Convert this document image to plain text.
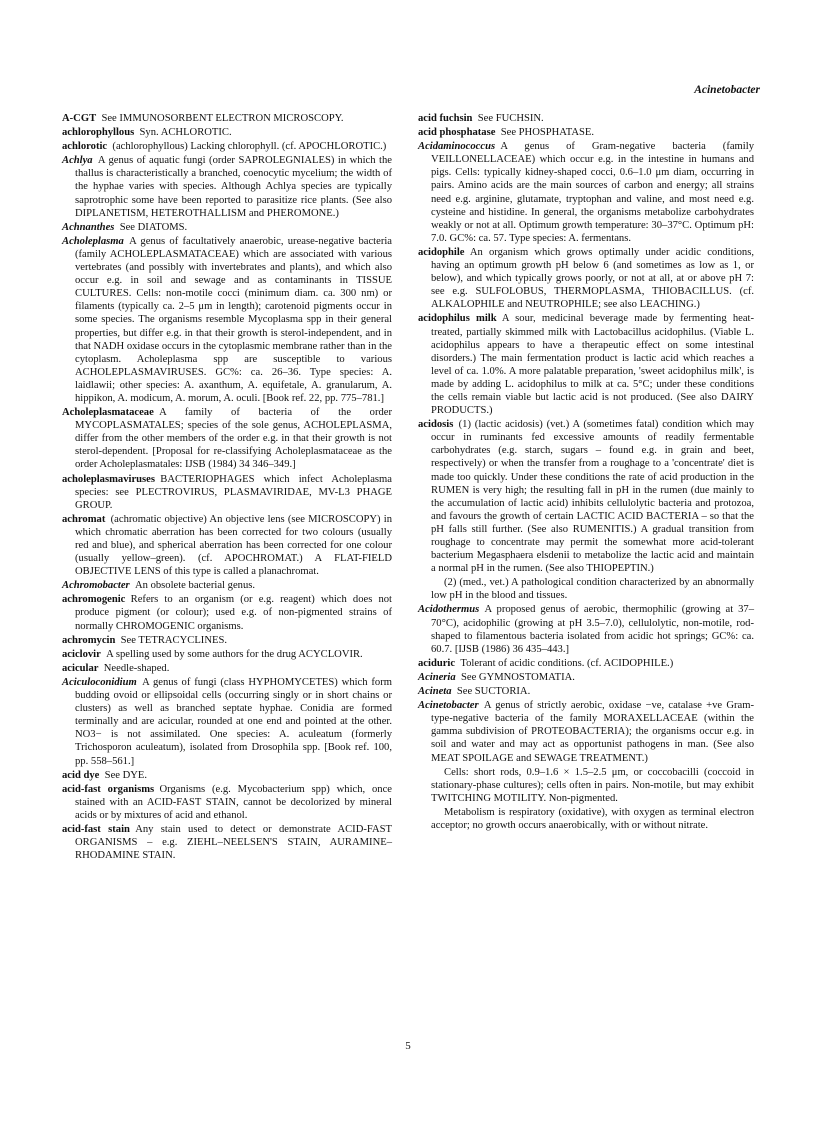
Acinetobacter

A-CGT  See IMMUNOSORBENT ELECTRON MICROSCOPY.

achlorophyllous  Syn. ACHLOROTIC.

achlorotic  (achlorophyllous) Lacking chlorophyll. (cf. APOCHLOROTIC.)

Achlya  A genus of aquatic fungi (order SAPROLEGNIALES) in which the thallus is characteristically a branched, coenocytic mycelium; the width of the hyphae varies with species. Although Achlya species are typically saprotrophic some have been reported to parasitize rice plants. (See also DIPLANETISM, HETEROTHALLISM and PHEROMONE.)

Achnanthes  See DIATOMS.

Acholeplasma  A genus of facultatively anaerobic, urease-negative bacteria (family ACHOLEPLASMATACEAE) which are associated with various vertebrates (and possibly with invertebrates and plants), and which also occur e.g. in soil and sewage and as contaminants in TISSUE CULTURES. Cells: non-motile cocci (minimum diam. ca. 300 nm) or filaments (typically ca. 2–5 μm in length); carotenoid pigments occur in some species. The organisms resemble Mycoplasma spp in their general properties, but differ e.g. in that their growth is sterol-independent, and in that NADH oxidase occurs in the cytoplasmic membrane rather than in the cytoplasm. Acholeplasma spp are susceptible to various ACHOLEPLASMAVIRUSES. GC%: ca. 26–36. Type species: A. laidlawii; other species: A. axanthum, A. equifetale, A. granularum, A. hippikon, A. modicum, A. morum, A. oculi. [Book ref. 22, pp. 775–781.]

Acholeplasmataceae  A family of bacteria of the order MYCOPLASMATALES; species of the sole genus, ACHOLEPLASMA, differ from the other members of the order e.g. in that their growth is not sterol-dependent. [Proposal for re-classifying Acholeplasmataceae as the order Acholeplasmatales: IJSB (1984) 34 346–349.]

acholeplasmaviruses  BACTERIOPHAGES which infect Acholeplasma species: see PLECTROVIRUS, PLASMAVIRIDAE, MV-L3 PHAGE GROUP.

achromat  (achromatic objective) An objective lens (see MICROSCOPY) in which chromatic aberration has been corrected for two colours (usually red and blue), and spherical aberration has been corrected for one colour (usually yellow–green). (cf. APOCHROMAT.) A FLAT-FIELD OBJECTIVE LENS of this type is called a planachromat.

Achromobacter  An obsolete bacterial genus.

achromogenic  Refers to an organism (or e.g. reagent) which does not produce pigment (or colour); used e.g. of non-pigmented strains of normally CHROMOGENIC organisms.

achromycin  See TETRACYCLINES.

aciclovir  A spelling used by some authors for the drug ACYCLOVIR.

acicular  Needle-shaped.

Aciculoconidium  A genus of fungi (class HYPHOMYCETES) which form budding ovoid or ellipsoidal cells (occurring singly or in short chains or clusters) as well as branched septate hyphae. Conidia are formed terminally and are acicular, rounded at one end and pointed at the other. NO3− is not assimilated. One species: A. aculeatum (formerly Trichosporon aculeatum), isolated from Drosophila spp. [Book ref. 100, pp. 558–561.]

acid dye  See DYE.

acid-fast organisms  Organisms (e.g. Mycobacterium spp) which, once stained with an ACID-FAST STAIN, cannot be decolorized by mineral acids or by mixtures of acid and ethanol.

acid-fast stain  Any stain used to detect or demonstrate ACID-FAST ORGANISMS – e.g. ZIEHL–NEELSEN'S STAIN, AURAMINE–RHODAMINE STAIN.

acid fuchsin  See FUCHSIN.

acid phosphatase  See PHOSPHATASE.

Acidaminococcus  A genus of Gram-negative bacteria (family VEILLONELLACEAE) which occur e.g. in the intestine in humans and pigs. Cells: typically kidney-shaped cocci, 0.6–1.0 μm diam, occurring in pairs. Amino acids are the main sources of carbon and energy; all strains need e.g. arginine, glutamate, tryptophan and valine, and most need e.g. cysteine and histidine. In general, the organisms metabolize carbohydrates weakly or not at all. Optimum growth temperature: 30–37°C. Optimum pH: 7.0. GC%: ca. 57. Type species: A. fermentans.

acidophile  An organism which grows optimally under acidic conditions, having an optimum growth pH below 6 (and sometimes as low as 1, or below), and which typically grows poorly, or not at all, at or above pH 7: see e.g. SULFOLOBUS, THERMOPLASMA, THIOBACILLUS. (cf. ALKALOPHILE and NEUTROPHILE; see also LEACHING.)

acidophilus milk  A sour, medicinal beverage made by fermenting heat-treated, partially skimmed milk with Lactobacillus acidophilus. (Viable L. acidophilus appears to have a therapeutic effect on some intestinal disorders.) The main fermentation product is lactic acid which reaches a level of ca. 1.0%. A more palatable preparation, 'sweet acidophilus milk', is made by adding L. acidophilus to milk at ca. 5°C; under these conditions the cells remain viable but lactic acid is not produced. (See also DAIRY PRODUCTS.)

acidosis  (1) (lactic acidosis) (vet.) A (sometimes fatal) condition which may occur in ruminants fed excessive amounts of readily fermentable carbohydrates (e.g. starch, sugars – found e.g. in grain and beet, respectively) or when the transfer from a roughage to a 'concentrate' diet is made too quickly. Under these conditions the rate of acid production in the RUMEN is very high; the resulting fall in pH in the rumen (due mainly to the accumulation of lactic acid) inhibits cellulolytic bacteria and protozoa, and favours the growth of certain LACTIC ACID BACTERIA – so that the pH falls still further. (See also RUMENITIS.) A gradual transition from roughage to concentrate may permit the somewhat more acid-tolerant bacterium Megasphaera elsdenii to metabolize the lactic acid and maintain a normal pH in the rumen. (See also THIOPEPTIN.)

(2) (med., vet.) A pathological condition characterized by an abnormally low pH in the blood and tissues.

Acidothermus  A proposed genus of aerobic, thermophilic (growing at 37–70°C), acidophilic (growing at pH 3.5–7.0), cellulolytic, non-motile, rod-shaped to filamentous bacteria isolated from acidic hot springs; GC%: ca. 60.7. [IJSB (1986) 36 435–443.]

aciduric  Tolerant of acidic conditions. (cf. ACIDOPHILE.)

Acineria  See GYMNOSTOMATIA.

Acineta  See SUCTORIA.

Acinetobacter  A genus of strictly aerobic, oxidase −ve, catalase +ve Gram-type-negative bacteria of the family MORAXELLACEAE (within the gamma subdivision of PROTEOBACTERIA); the organisms occur e.g. in soil and water and may act as opportunist pathogens in man. (See also MEAT SPOILAGE and SEWAGE TREATMENT.)

Cells: short rods, 0.9–1.6 × 1.5–2.5 μm, or coccobacilli (coccoid in stationary-phase cultures); cells often in pairs. Non-motile, but may exhibit TWITCHING MOTILITY. Non-pigmented.

Metabolism is respiratory (oxidative), with oxygen as terminal electron acceptor; no growth occurs anaerobically, with or without nitrate.

5
